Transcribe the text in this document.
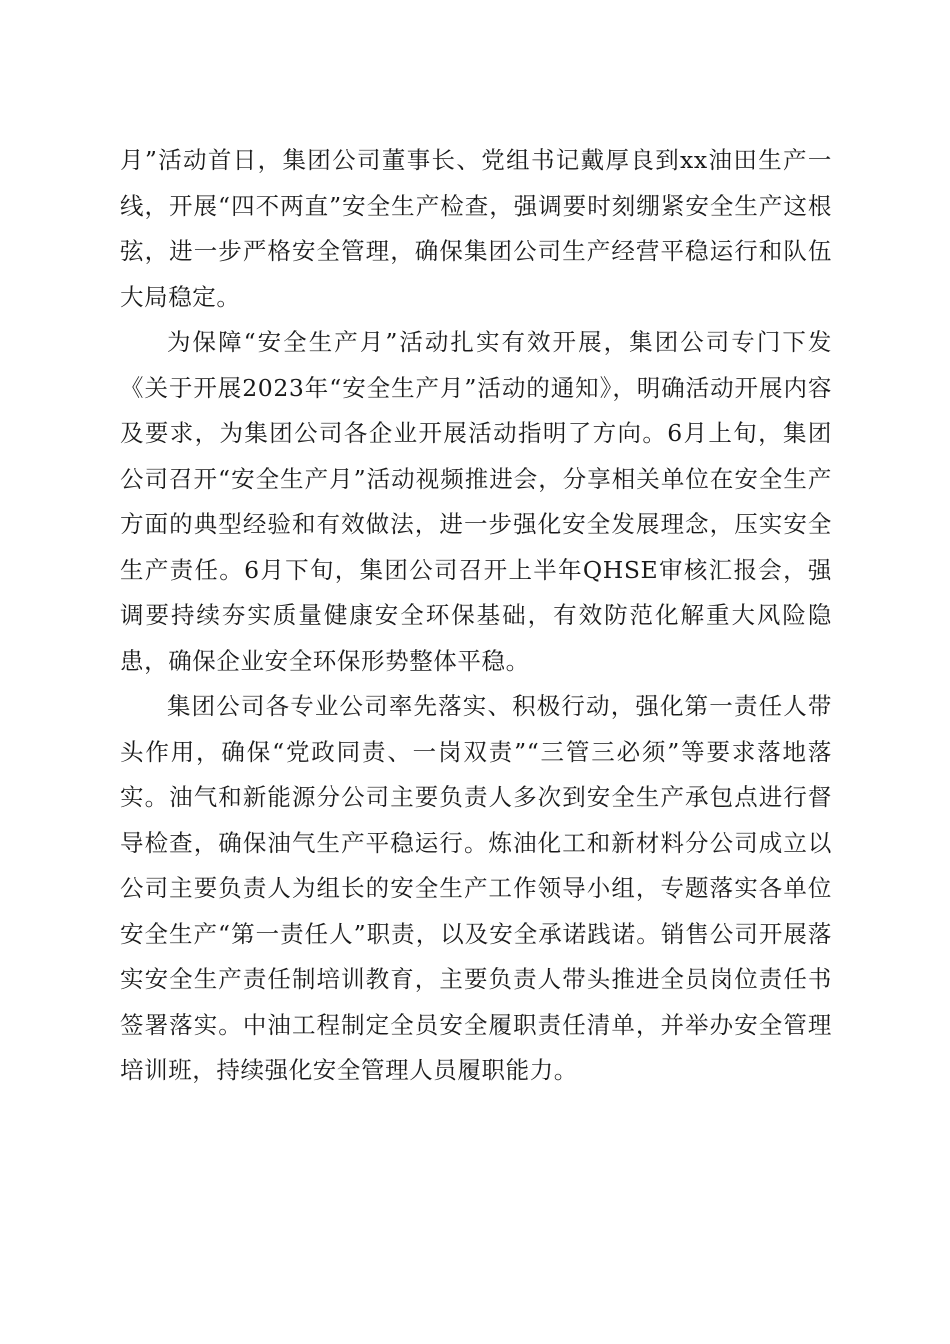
月”活动首日，集团公司董事长、党组书记戴厚良到xx油田生产一线，开展“四不两直”安全生产检查，强调要时刻绷紧安全生产这根弦，进一步严格安全管理，确保集团公司生产经营平稳运行和队伍大局稳定。

为保障“安全生产月”活动扎实有效开展，集团公司专门下发《关于开展2023年“安全生产月”活动的通知》，明确活动开展内容及要求，为集团公司各企业开展活动指明了方向。6月上旬，集团公司召开“安全生产月”活动视频推进会，分享相关单位在安全生产方面的典型经验和有效做法，进一步强化安全发展理念，压实安全生产责任。6月下旬，集团公司召开上半年QHSE审核汇报会，强调要持续夯实质量健康安全环保基础，有效防范化解重大风险隐患，确保企业安全环保形势整体平稳。

集团公司各专业公司率先落实、积极行动，强化第一责任人带头作用，确保“党政同责、一岗双责”“三管三必须”等要求落地落实。油气和新能源分公司主要负责人多次到安全生产承包点进行督导检查，确保油气生产平稳运行。炼油化工和新材料分公司成立以公司主要负责人为组长的安全生产工作领导小组，专题落实各单位安全生产“第一责任人”职责，以及安全承诺践诺。销售公司开展落实安全生产责任制培训教育，主要负责人带头推进全员岗位责任书签署落实。中油工程制定全员安全履职责任清单，并举办安全管理培训班，持续强化安全管理人员履职能力。
